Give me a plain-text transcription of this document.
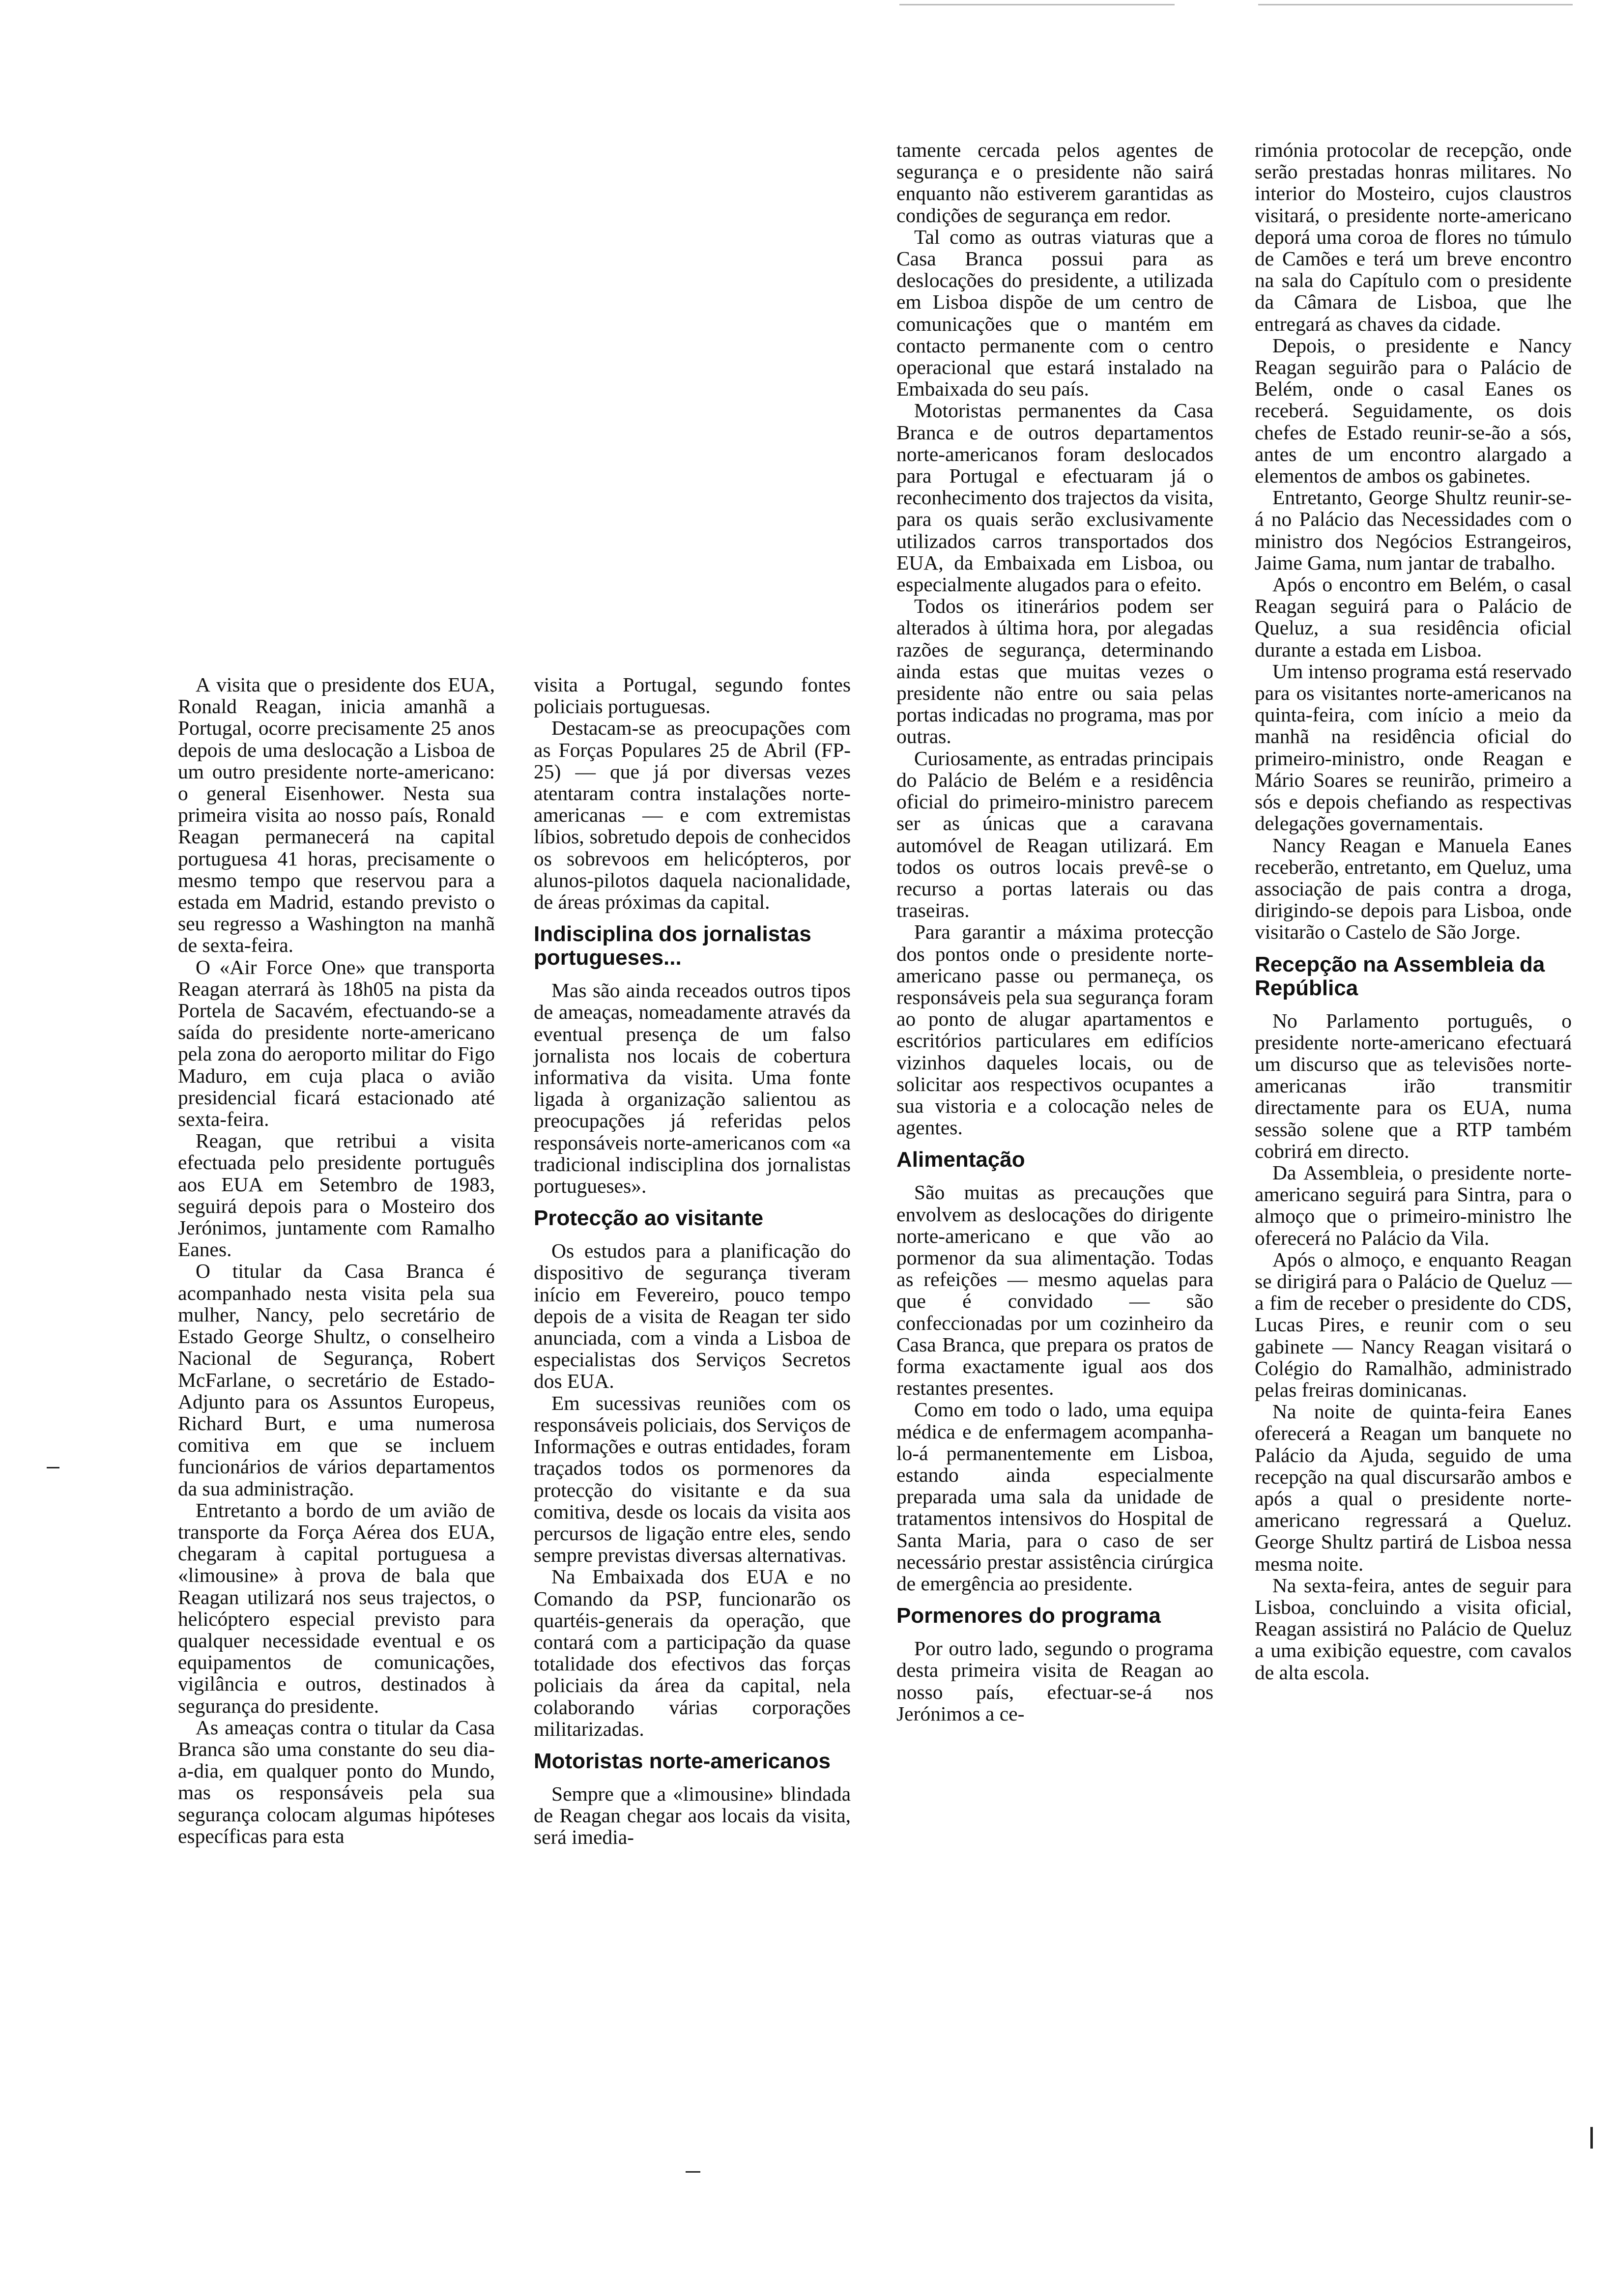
A visita que o presidente dos EUA, Ronald Reagan, inicia amanhã a Portugal, ocorre precisamente 25 anos depois de uma deslocação a Lisboa de um outro presidente norte-americano: o general Eisenhower. Nesta sua primeira visita ao nosso país, Ronald Reagan permanecerá na capital portuguesa 41 horas, precisamente o mesmo tempo que reservou para a estada em Madrid, estando previsto o seu regresso a Washington na manhã de sexta-feira.

O «Air Force One» que transporta Reagan aterrará às 18h05 na pista da Portela de Sacavém, efectuando-se a saída do presidente norte-americano pela zona do aeroporto militar do Figo Maduro, em cuja placa o avião presidencial ficará estacionado até sexta-feira.

Reagan, que retribui a visita efectuada pelo presidente português aos EUA em Setembro de 1983, seguirá depois para o Mosteiro dos Jerónimos, juntamente com Ramalho Eanes.

O titular da Casa Branca é acompanhado nesta visita pela sua mulher, Nancy, pelo secretário de Estado George Shultz, o conselheiro Nacional de Segurança, Robert McFarlane, o secretário de Estado-Adjunto para os Assuntos Europeus, Richard Burt, e uma numerosa comitiva em que se incluem funcionários de vários departamentos da sua administração.

Entretanto a bordo de um avião de transporte da Força Aérea dos EUA, chegaram à capital portuguesa a «limousine» à prova de bala que Reagan utilizará nos seus trajectos, o helicóptero especial previsto para qualquer necessidade eventual e os equipamentos de comunicações, vigilância e outros, destinados à segurança do presidente.

As ameaças contra o titular da Casa Branca são uma constante do seu dia-a-dia, em qualquer ponto do Mundo, mas os responsáveis pela sua segurança colocam algumas hipóteses específicas para esta

visita a Portugal, segundo fontes policiais portuguesas.

Destacam-se as preocupações com as Forças Populares 25 de Abril (FP-25) — que já por diversas vezes atentaram contra instalações norte-americanas — e com extremistas líbios, sobretudo depois de conhecidos os sobrevoos em helicópteros, por alunos-pilotos daquela nacionalidade, de áreas próximas da capital.

Indisciplina dos jornalistas portugueses...

Mas são ainda receados outros tipos de ameaças, nomeadamente através da eventual presença de um falso jornalista nos locais de cobertura informativa da visita. Uma fonte ligada à organização salientou as preocupações já referidas pelos responsáveis norte-americanos com «a tradicional indisciplina dos jornalistas portugueses».

Protecção ao visitante

Os estudos para a planificação do dispositivo de segurança tiveram início em Fevereiro, pouco tempo depois de a visita de Reagan ter sido anunciada, com a vinda a Lisboa de especialistas dos Serviços Secretos dos EUA.

Em sucessivas reuniões com os responsáveis policiais, dos Serviços de Informações e outras entidades, foram traçados todos os pormenores da protecção do visitante e da sua comitiva, desde os locais da visita aos percursos de ligação entre eles, sendo sempre previstas diversas alternativas.

Na Embaixada dos EUA e no Comando da PSP, funcionarão os quartéis-generais da operação, que contará com a participação da quase totalidade dos efectivos das forças policiais da área da capital, nela colaborando várias corporações militarizadas.

Motoristas norte-americanos

Sempre que a «limousine» blindada de Reagan chegar aos locais da visita, será imedia-

tamente cercada pelos agentes de segurança e o presidente não sairá enquanto não estiverem garantidas as condições de segurança em redor.

Tal como as outras viaturas que a Casa Branca possui para as deslocações do presidente, a utilizada em Lisboa dispõe de um centro de comunicações que o mantém em contacto permanente com o centro operacional que estará instalado na Embaixada do seu país.

Motoristas permanentes da Casa Branca e de outros departamentos norte-americanos foram deslocados para Portugal e efectuaram já o reconhecimento dos trajectos da visita, para os quais serão exclusivamente utilizados carros transportados dos EUA, da Embaixada em Lisboa, ou especialmente alugados para o efeito.

Todos os itinerários podem ser alterados à última hora, por alegadas razões de segurança, determinando ainda estas que muitas vezes o presidente não entre ou saia pelas portas indicadas no programa, mas por outras.

Curiosamente, as entradas principais do Palácio de Belém e a residência oficial do primeiro-ministro parecem ser as únicas que a caravana automóvel de Reagan utilizará. Em todos os outros locais prevê-se o recurso a portas laterais ou das traseiras.

Para garantir a máxima protecção dos pontos onde o presidente norte-americano passe ou permaneça, os responsáveis pela sua segurança foram ao ponto de alugar apartamentos e escritórios particulares em edifícios vizinhos daqueles locais, ou de solicitar aos respectivos ocupantes a sua vistoria e a colocação neles de agentes.

Alimentação

São muitas as precauções que envolvem as deslocações do dirigente norte-americano e que vão ao pormenor da sua alimentação. Todas as refeições — mesmo aquelas para que é convidado — são confeccionadas por um cozinheiro da Casa Branca, que prepara os pratos de forma exactamente igual aos dos restantes presentes.

Como em todo o lado, uma equipa médica e de enfermagem acompanha-lo-á permanentemente em Lisboa, estando ainda especialmente preparada uma sala da unidade de tratamentos intensivos do Hospital de Santa Maria, para o caso de ser necessário prestar assistência cirúrgica de emergência ao presidente.

Pormenores do programa

Por outro lado, segundo o programa desta primeira visita de Reagan ao nosso país, efectuar-se-á nos Jerónimos a ce-

rimónia protocolar de recepção, onde serão prestadas honras militares. No interior do Mosteiro, cujos claustros visitará, o presidente norte-americano deporá uma coroa de flores no túmulo de Camões e terá um breve encontro na sala do Capítulo com o presidente da Câmara de Lisboa, que lhe entregará as chaves da cidade.

Depois, o presidente e Nancy Reagan seguirão para o Palácio de Belém, onde o casal Eanes os receberá. Seguidamente, os dois chefes de Estado reunir-se-ão a sós, antes de um encontro alargado a elementos de ambos os gabinetes.

Entretanto, George Shultz reunir-se-á no Palácio das Necessidades com o ministro dos Negócios Estrangeiros, Jaime Gama, num jantar de trabalho.

Após o encontro em Belém, o casal Reagan seguirá para o Palácio de Queluz, a sua residência oficial durante a estada em Lisboa.

Um intenso programa está reservado para os visitantes norte-americanos na quinta-feira, com início a meio da manhã na residência oficial do primeiro-ministro, onde Reagan e Mário Soares se reunirão, primeiro a sós e depois chefiando as respectivas delegações governamentais.

Nancy Reagan e Manuela Eanes receberão, entretanto, em Queluz, uma associação de pais contra a droga, dirigindo-se depois para Lisboa, onde visitarão o Castelo de São Jorge.

Recepção na Assembleia da República

No Parlamento português, o presidente norte-americano efectuará um discurso que as televisões norte-americanas irão transmitir directamente para os EUA, numa sessão solene que a RTP também cobrirá em directo.

Da Assembleia, o presidente norte-americano seguirá para Sintra, para o almoço que o primeiro-ministro lhe oferecerá no Palácio da Vila.

Após o almoço, e enquanto Reagan se dirigirá para o Palácio de Queluz — a fim de receber o presidente do CDS, Lucas Pires, e reunir com o seu gabinete — Nancy Reagan visitará o Colégio do Ramalhão, administrado pelas freiras dominicanas.

Na noite de quinta-feira Eanes oferecerá a Reagan um banquete no Palácio da Ajuda, seguido de uma recepção na qual discursarão ambos e após a qual o presidente norte-americano regressará a Queluz. George Shultz partirá de Lisboa nessa mesma noite.

Na sexta-feira, antes de seguir para Lisboa, concluindo a visita oficial, Reagan assistirá no Palácio de Queluz a uma exibição equestre, com cavalos de alta escola.
